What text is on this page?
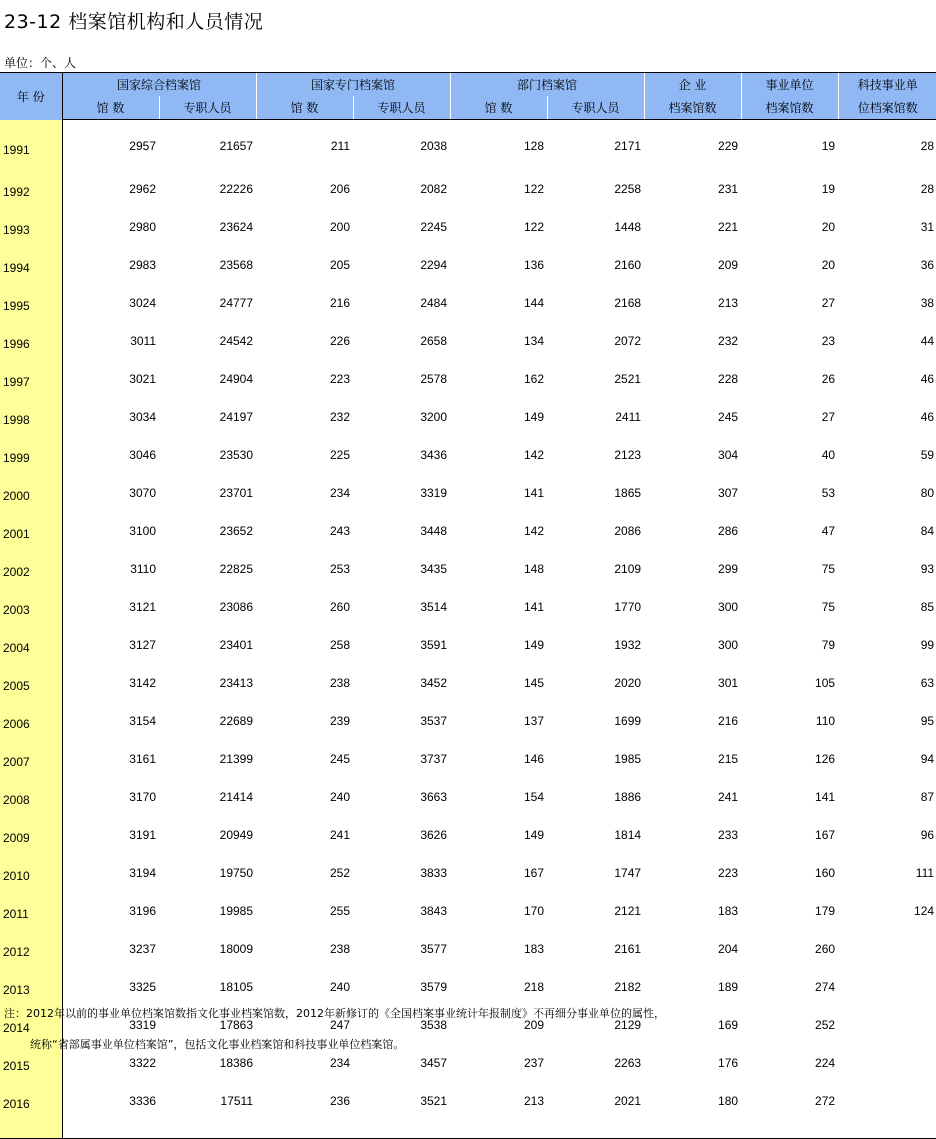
23-12 档案馆机构和人员情况
单位：个、人
年 份	国家综合档案馆		国家专门档案馆		部门档案馆		企 业	事业单位	科技事业单
	馆 数	专职人员	馆 数	专职人员	馆 数	专职人员	档案馆数	档案馆数	位档案馆数
1991	2957	21657	211	2038	128	2171	229	19	28
1992	2962	22226	206	2082	122	2258	231	19	28
1993	2980	23624	200	2245	122	1448	221	20	31
1994	2983	23568	205	2294	136	2160	209	20	36
1995	3024	24777	216	2484	144	2168	213	27	38
1996	3011	24542	226	2658	134	2072	232	23	44
1997	3021	24904	223	2578	162	2521	228	26	46
1998	3034	24197	232	3200	149	2411	245	27	46
1999	3046	23530	225	3436	142	2123	304	40	59
2000	3070	23701	234	3319	141	1865	307	53	80
2001	3100	23652	243	3448	142	2086	286	47	84
2002	3110	22825	253	3435	148	2109	299	75	93
2003	3121	23086	260	3514	141	1770	300	75	85
2004	3127	23401	258	3591	149	1932	300	79	99
2005	3142	23413	238	3452	145	2020	301	105	63
2006	3154	22689	239	3537	137	1699	216	110	95
2007	3161	21399	245	3737	146	1985	215	126	94
2008	3170	21414	240	3663	154	1886	241	141	87
2009	3191	20949	241	3626	149	1814	233	167	96
2010	3194	19750	252	3833	167	1747	223	160	111
2011	3196	19985	255	3843	170	2121	183	179	124
2012	3237	18009	238	3577	183	2161	204	260	
2013	3325	18105	240	3579	218	2182	189	274	
2014	3319	17863	247	3538	209	2129	169	252	
2015	3322	18386	234	3457	237	2263	176	224	
2016	3336	17511	236	3521	213	2021	180	272	

注：2012年以前的事业单位档案馆数指文化事业档案馆数，2012年新修订的《全国档案事业统计年报制度》不再细分事业单位的属性，
统称“省部属事业单位档案馆”，包括文化事业档案馆和科技事业单位档案馆。
